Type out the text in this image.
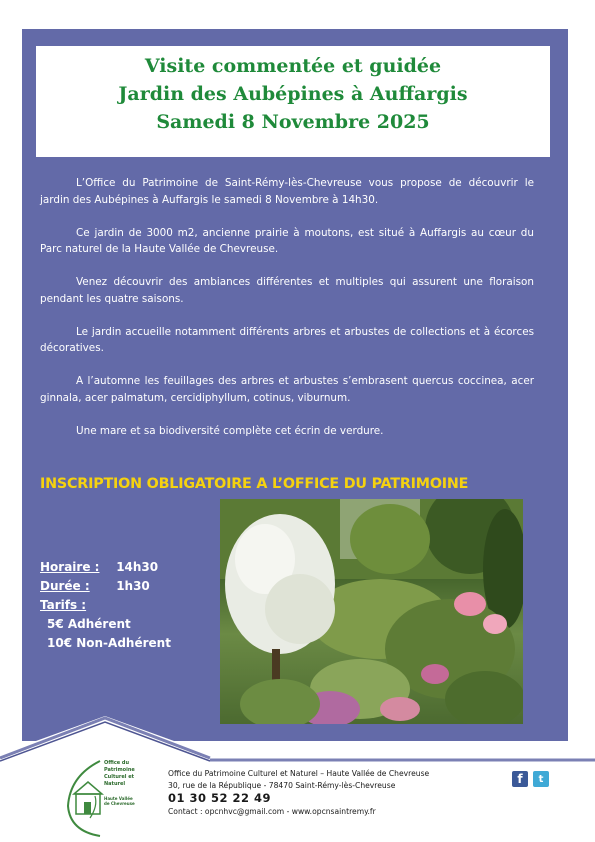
Visite commentée et guidée
Jardin des Aubépines à Auffargis
Samedi 8 Novembre 2025

L’Office du Patrimoine de Saint-Rémy-lès-Chevreuse vous propose de découvrir le jardin des Aubépines à Auffargis le samedi 8 Novembre à 14h30.

Ce jardin de 3000 m2, ancienne prairie à moutons, est situé à Auffargis au cœur du Parc naturel de la Haute Vallée de Chevreuse.

Venez découvrir des ambiances différentes et multiples qui assurent une floraison pendant les quatre saisons.

Le jardin accueille notamment différents arbres et arbustes de collections et à écorces décoratives.

A l’automne les feuillages des arbres et arbustes s’embrasent quercus coccinea, acer ginnala, acer palmatum, cercidiphyllum, cotinus, viburnum.

Une mare et sa biodiversité complète cet écrin de verdure.

INSCRIPTION OBLIGATOIRE A L’OFFICE DU PATRIMOINE
Horaire : 14h30
Durée : 1h30
Tarifs :
5€ Adhérent
10€ Non-Adhérent
Office du
Patrimoine
Culturel et
Naturel
Haute Vallée
de Chevreuse
Office du Patrimoine Culturel et Naturel – Haute Vallée de Chevreuse
30, rue de la République - 78470 Saint-Rémy-lès-Chevreuse
01 30 52 22 49
Contact : opcnhvc@gmail.com - www.opcnsaintremy.fr
f	t
